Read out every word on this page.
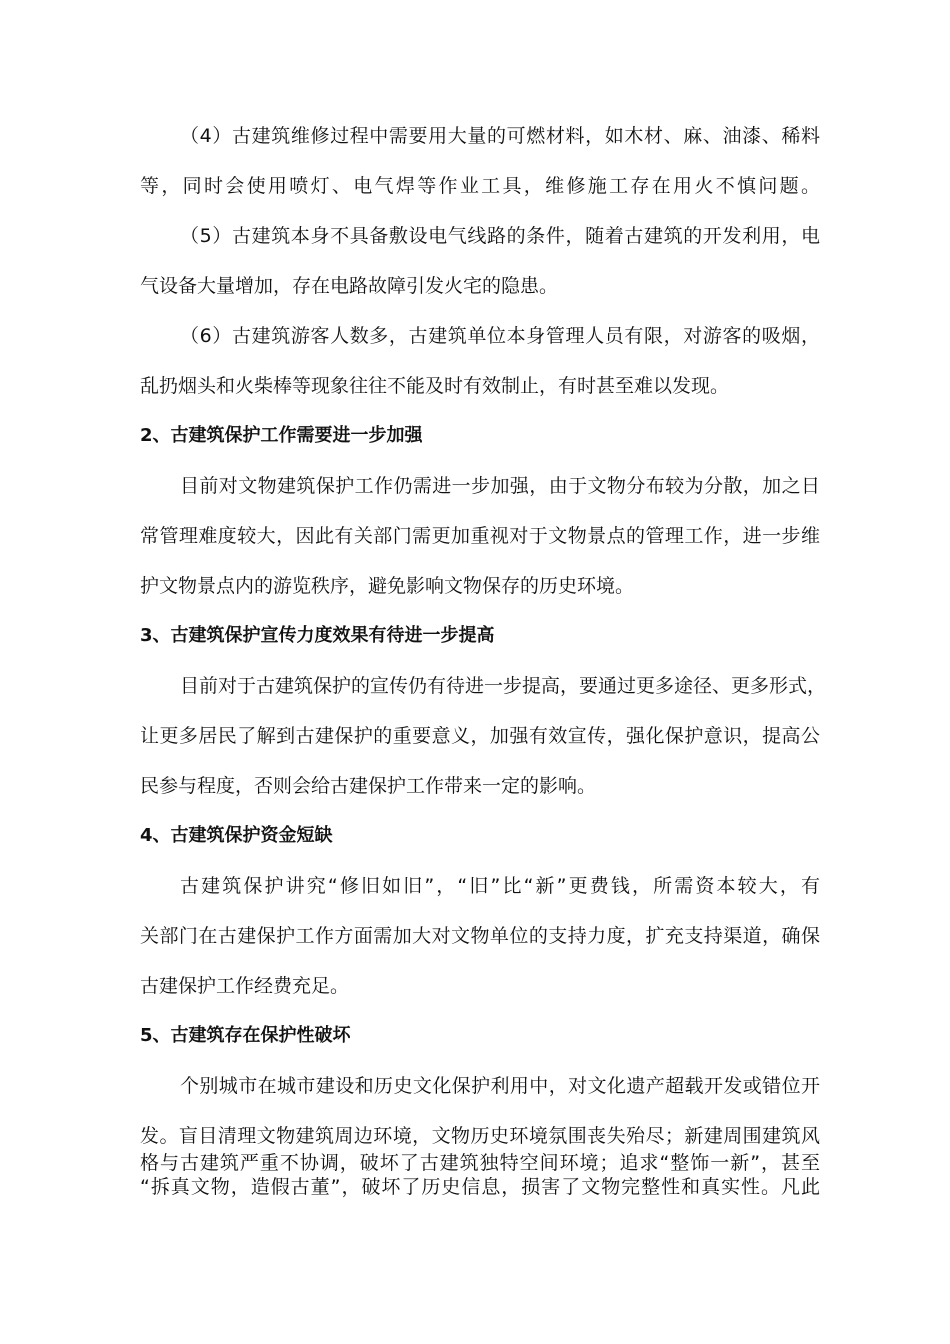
（4）古建筑维修过程中需要用大量的可燃材料，如木材、麻、油漆、稀料
等，同时会使用喷灯、电气焊等作业工具，维修施工存在用火不慎问题。
（5）古建筑本身不具备敷设电气线路的条件，随着古建筑的开发利用，电
气设备大量增加，存在电路故障引发火宅的隐患。
（6）古建筑游客人数多，古建筑单位本身管理人员有限，对游客的吸烟，
乱扔烟头和火柴棒等现象往往不能及时有效制止，有时甚至难以发现。
2、古建筑保护工作需要进一步加强
目前对文物建筑保护工作仍需进一步加强，由于文物分布较为分散，加之日
常管理难度较大，因此有关部门需更加重视对于文物景点的管理工作，进一步维
护文物景点内的游览秩序，避免影响文物保存的历史环境。
3、古建筑保护宣传力度效果有待进一步提高
目前对于古建筑保护的宣传仍有待进一步提高，要通过更多途径、更多形式，
让更多居民了解到古建保护的重要意义，加强有效宣传，强化保护意识，提高公
民参与程度，否则会给古建保护工作带来一定的影响。
4、古建筑保护资金短缺
古建筑保护讲究“修旧如旧”，“旧”比“新”更费钱，所需资本较大，有
关部门在古建保护工作方面需加大对文物单位的支持力度，扩充支持渠道，确保
古建保护工作经费充足。
5、古建筑存在保护性破坏
个别城市在城市建设和历史文化保护利用中，对文化遗产超载开发或错位开
发。盲目清理文物建筑周边环境，文物历史环境氛围丧失殆尽；新建周围建筑风
格与古建筑严重不协调，破坏了古建筑独特空间环境；追求“整饰一新”，甚至
“拆真文物，造假古董”，破坏了历史信息，损害了文物完整性和真实性。凡此
